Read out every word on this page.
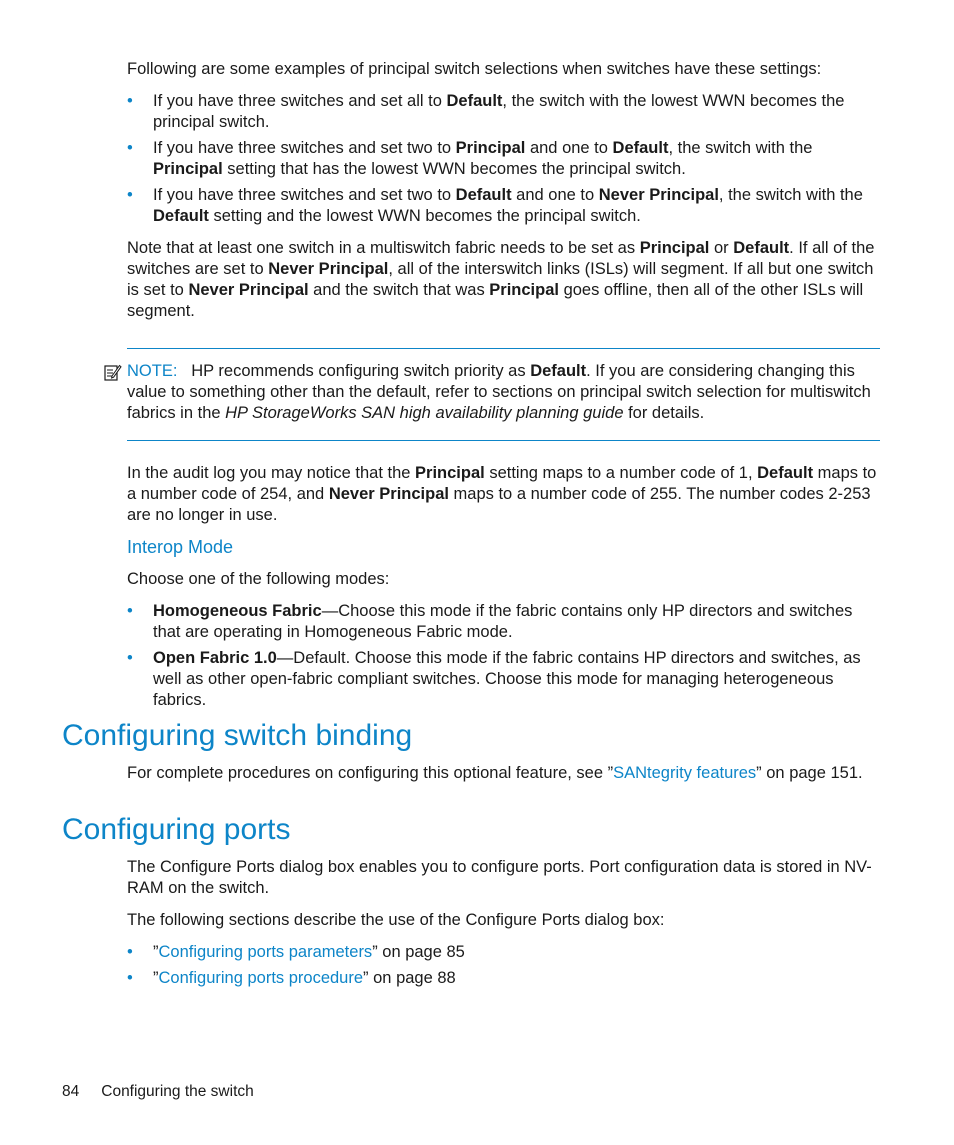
Following are some examples of principal switch selections when switches have these settings:

• If you have three switches and set all to Default, the switch with the lowest WWN becomes the principal switch.
• If you have three switches and set two to Principal and one to Default, the switch with the Principal setting that has the lowest WWN becomes the principal switch.
• If you have three switches and set two to Default and one to Never Principal, the switch with the Default setting and the lowest WWN becomes the principal switch.

Note that at least one switch in a multiswitch fabric needs to be set as Principal or Default. If all of the switches are set to Never Principal, all of the interswitch links (ISLs) will segment. If all but one switch is set to Never Principal and the switch that was Principal goes offline, then all of the other ISLs will segment.

NOTE: HP recommends configuring switch priority as Default. If you are considering changing this value to something other than the default, refer to sections on principal switch selection for multiswitch fabrics in the HP StorageWorks SAN high availability planning guide for details.

In the audit log you may notice that the Principal setting maps to a number code of 1, Default maps to a number code of 254, and Never Principal maps to a number code of 255. The number codes 2-253 are no longer in use.

Interop Mode

Choose one of the following modes:

• Homogeneous Fabric—Choose this mode if the fabric contains only HP directors and switches that are operating in Homogeneous Fabric mode.
• Open Fabric 1.0—Default. Choose this mode if the fabric contains HP directors and switches, as well as other open-fabric compliant switches. Choose this mode for managing heterogeneous fabrics.
Configuring switch binding

For complete procedures on configuring this optional feature, see ”SANtegrity features” on page 151.

Configuring ports

The Configure Ports dialog box enables you to configure ports. Port configuration data is stored in NV-RAM on the switch.

The following sections describe the use of the Configure Ports dialog box:

• ”Configuring ports parameters” on page 85
• ”Configuring ports procedure” on page 88
84 Configuring the switch
